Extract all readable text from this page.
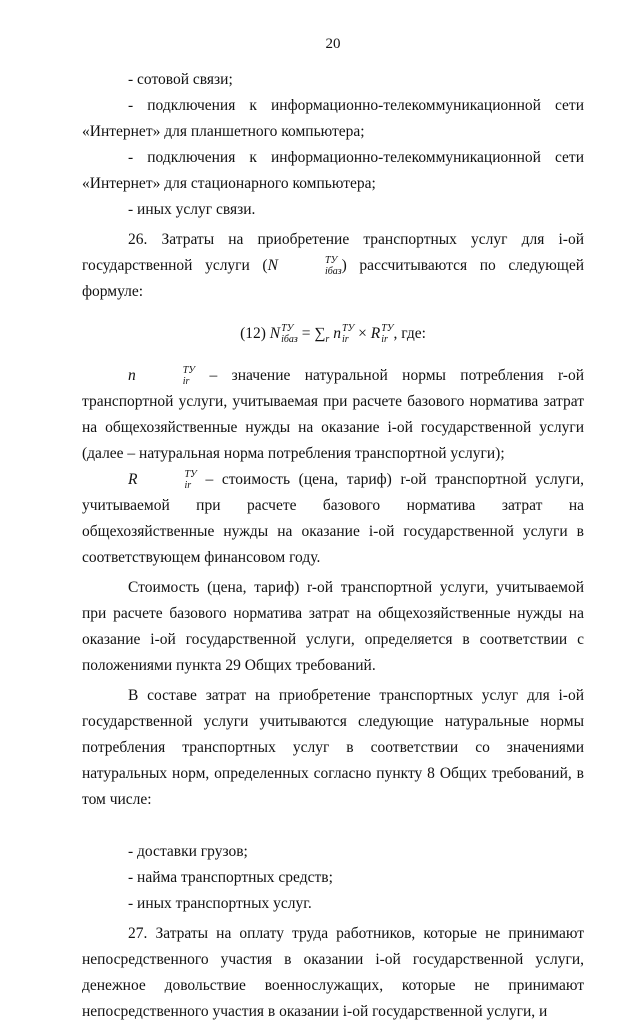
20

- сотовой связи;

- подключения к информационно-телекоммуникационной сети

«Интернет» для планшетного компьютера;

- подключения к информационно-телекоммуникационной сети

«Интернет» для стационарного компьютера;

- иных услуг связи.

26. Затраты на приобретение транспортных услуг для i-ой государственной услуги (N	ТУ
iбаз ) рассчитываются по следующей формуле:

(12) N ТУ
iбаз = $\sum_r$ n ТУ
ir × R ТУ
ir , где:

n	ТУ
ir	– значение натуральной нормы потребления r-ой транспортной услуги, учитываемая при расчете базового норматива затрат на общехозяйственные нужды на оказание i-ой государственной услуги (далее – натуральная норма потребления транспортной услуги);

R	ТУ
ir – стоимость (цена, тариф) r-ой транспортной услуги, учитываемой при расчете базового норматива затрат на общехозяйственные нужды на оказание i-ой государственной услуги в соответствующем финансовом году.

Стоимость (цена, тариф) r-ой транспортной услуги, учитываемой при расчете базового норматива затрат на общехозяйственные нужды на оказание i-ой государственной услуги, определяется в соответствии с положениями пункта 29 Общих требований.

В составе затрат на приобретение транспортных услуг для i-ой государственной услуги учитываются следующие натуральные нормы потребления транспортных услуг в соответствии со значениями натуральных норм, определенных согласно пункту 8 Общих требований, в том числе:

- доставки грузов;

- найма транспортных средств;

- иных транспортных услуг.

27. Затраты на оплату труда работников, которые не принимают непосредственного участия в оказании i-ой государственной услуги, денежное довольствие военнослужащих, которые не принимают непосредственного участия в оказании i-ой государственной услуги, и
